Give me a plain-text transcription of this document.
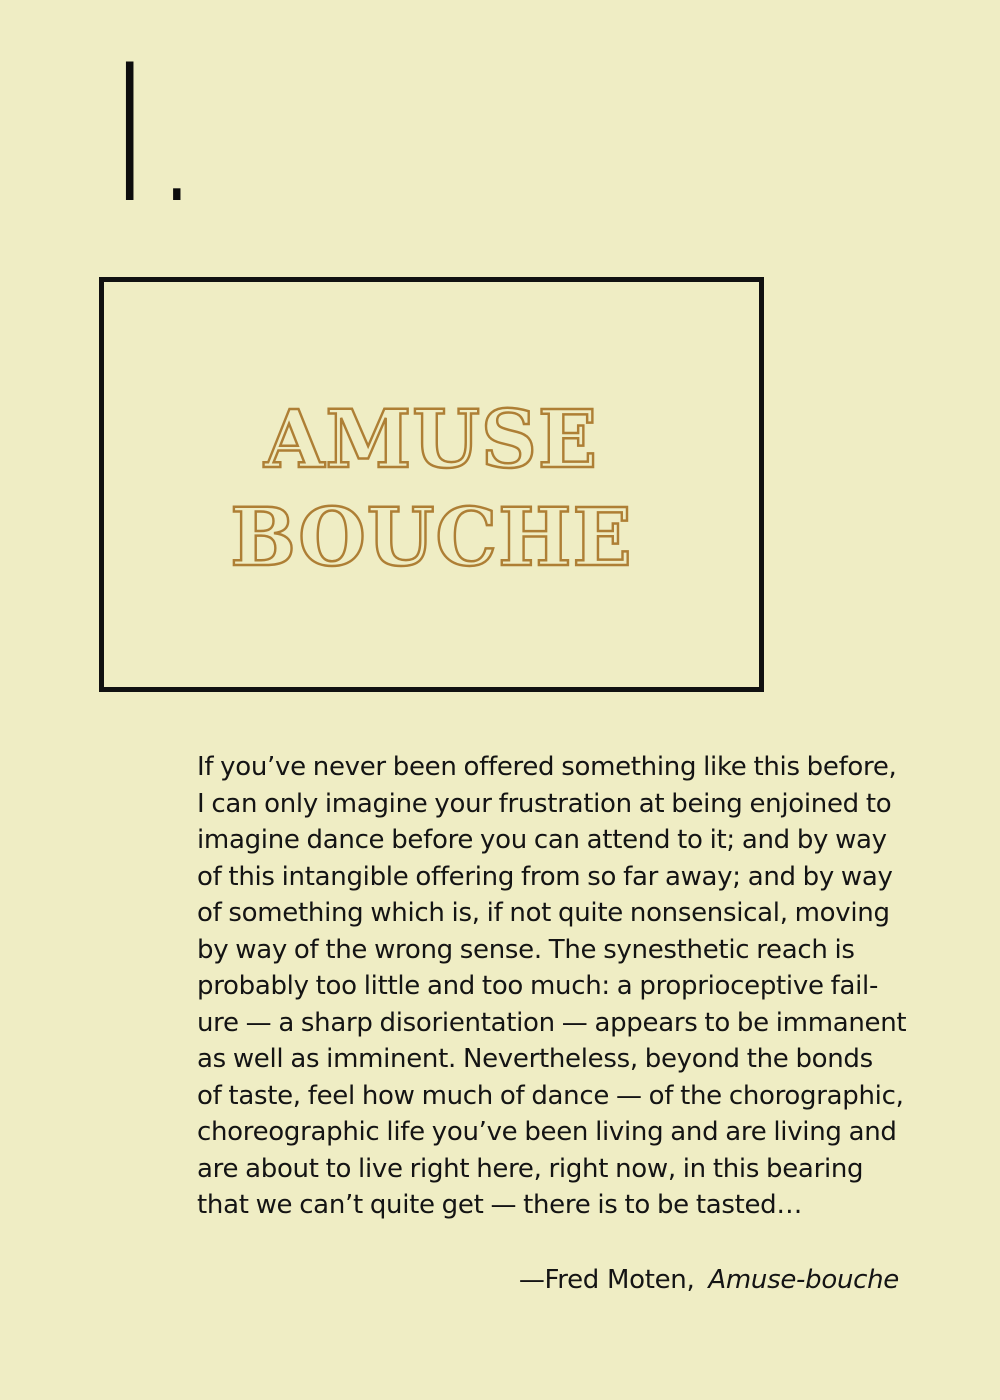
I.
AMUSE
BOUCHE

If you’ve never been offered something like this before,
I can only imagine your frustration at being enjoined to
imagine dance before you can attend to it; and by way
of this intangible offering from so far away; and by way
of something which is, if not quite nonsensical, moving
by way of the wrong sense. The synesthetic reach is
probably too little and too much: a proprioceptive fail-
ure — a sharp disorientation — appears to be immanent
as well as imminent. Nevertheless, beyond the bonds
of taste, feel how much of dance — of the chorographic,
choreographic life you’ve been living and are living and
are about to live right here, right now, in this bearing
that we can’t quite get — there is to be tasted…

—Fred Moten, Amuse-bouche
